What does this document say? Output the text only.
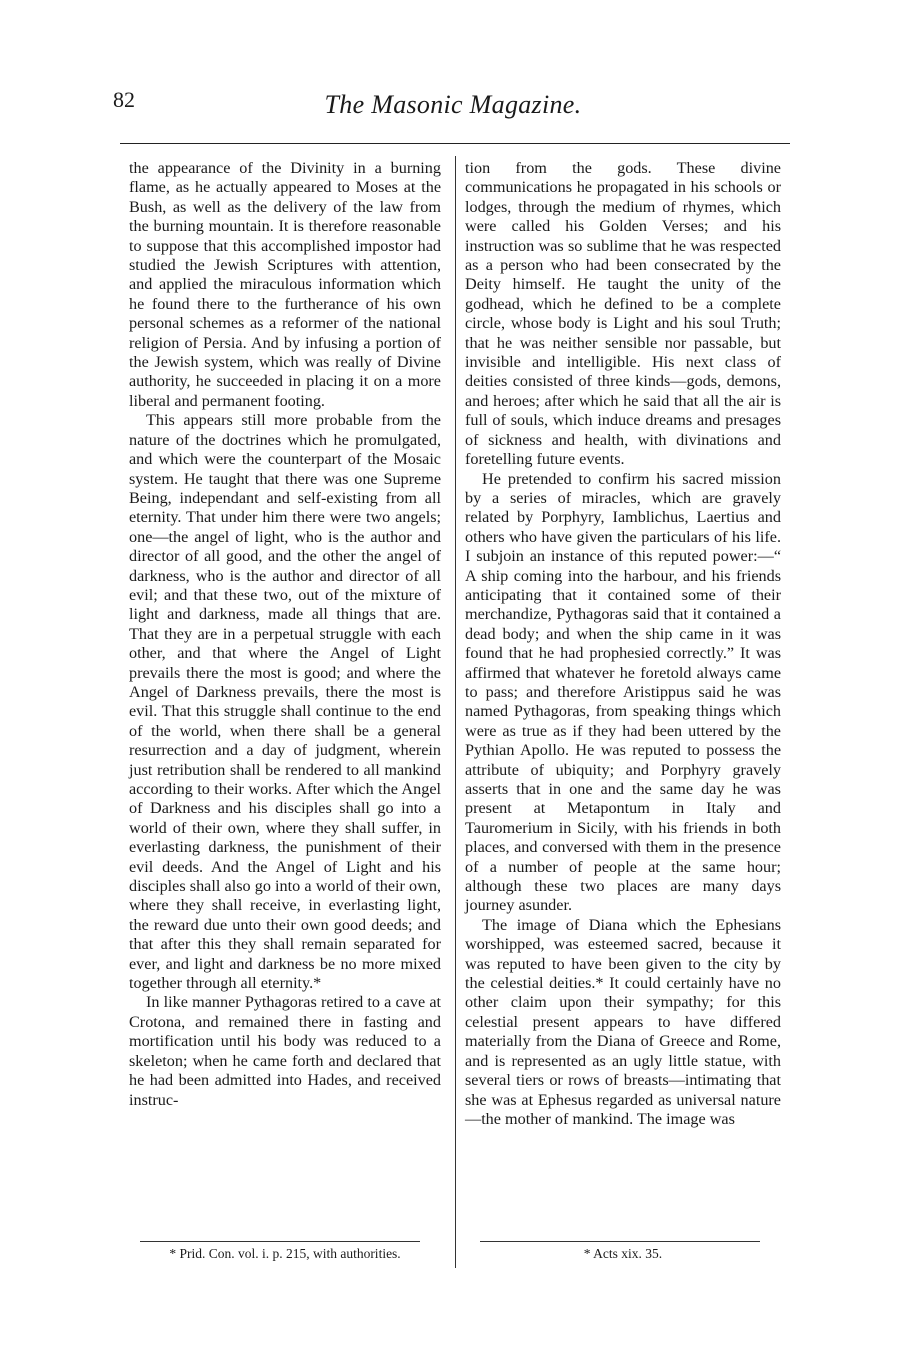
82	The Masonic Magazine.

the appearance of the Divinity in a burning flame, as he actually appeared to Moses at the Bush, as well as the delivery of the law from the burning mountain. It is therefore reasonable to suppose that this accomplished impostor had studied the Jewish Scriptures with attention, and applied the miraculous information which he found there to the furtherance of his own personal schemes as a reformer of the national religion of Persia. And by infusing a portion of the Jewish system, which was really of Divine authority, he succeeded in placing it on a more liberal and permanent footing.

This appears still more probable from the nature of the doctrines which he promulgated, and which were the counterpart of the Mosaic system. He taught that there was one Supreme Being, independant and self-existing from all eternity. That under him there were two angels; one—the angel of light, who is the author and director of all good, and the other the angel of darkness, who is the author and director of all evil; and that these two, out of the mixture of light and darkness, made all things that are. That they are in a perpetual struggle with each other, and that where the Angel of Light prevails there the most is good; and where the Angel of Darkness prevails, there the most is evil. That this struggle shall continue to the end of the world, when there shall be a general resurrection and a day of judgment, wherein just retribution shall be rendered to all mankind according to their works. After which the Angel of Darkness and his disciples shall go into a world of their own, where they shall suffer, in everlasting darkness, the punishment of their evil deeds. And the Angel of Light and his disciples shall also go into a world of their own, where they shall receive, in everlasting light, the reward due unto their own good deeds; and that after this they shall remain separated for ever, and light and darkness be no more mixed together through all eternity.*

In like manner Pythagoras retired to a cave at Crotona, and remained there in fasting and mortification until his body was reduced to a skeleton; when he came forth and declared that he had been admitted into Hades, and received instruc-

tion from the gods. These divine communications he propagated in his schools or lodges, through the medium of rhymes, which were called his Golden Verses; and his instruction was so sublime that he was respected as a person who had been consecrated by the Deity himself. He taught the unity of the godhead, which he defined to be a complete circle, whose body is Light and his soul Truth; that he was neither sensible nor passable, but invisible and intelligible. His next class of deities consisted of three kinds—gods, demons, and heroes; after which he said that all the air is full of souls, which induce dreams and presages of sickness and health, with divinations and foretelling future events.

He pretended to confirm his sacred mission by a series of miracles, which are gravely related by Porphyry, Iamblichus, Laertius and others who have given the particulars of his life. I subjoin an instance of this reputed power:—“ A ship coming into the harbour, and his friends anticipating that it contained some of their merchandize, Pythagoras said that it contained a dead body; and when the ship came in it was found that he had prophesied correctly.” It was affirmed that whatever he foretold always came to pass; and therefore Aristippus said he was named Pythagoras, from speaking things which were as true as if they had been uttered by the Pythian Apollo. He was reputed to possess the attribute of ubiquity; and Porphyry gravely asserts that in one and the same day he was present at Metapontum in Italy and Tauromerium in Sicily, with his friends in both places, and conversed with them in the presence of a number of people at the same hour; although these two places are many days journey asunder.

The image of Diana which the Ephesians worshipped, was esteemed sacred, because it was reputed to have been given to the city by the celestial deities.* It could certainly have no other claim upon their sympathy; for this celestial present appears to have differed materially from the Diana of Greece and Rome, and is represented as an ugly little statue, with several tiers or rows of breasts—intimating that she was at Ephesus regarded as universal nature—the mother of mankind. The image was

* Prid. Con. vol. i. p. 215, with authorities.	* Acts xix. 35.
